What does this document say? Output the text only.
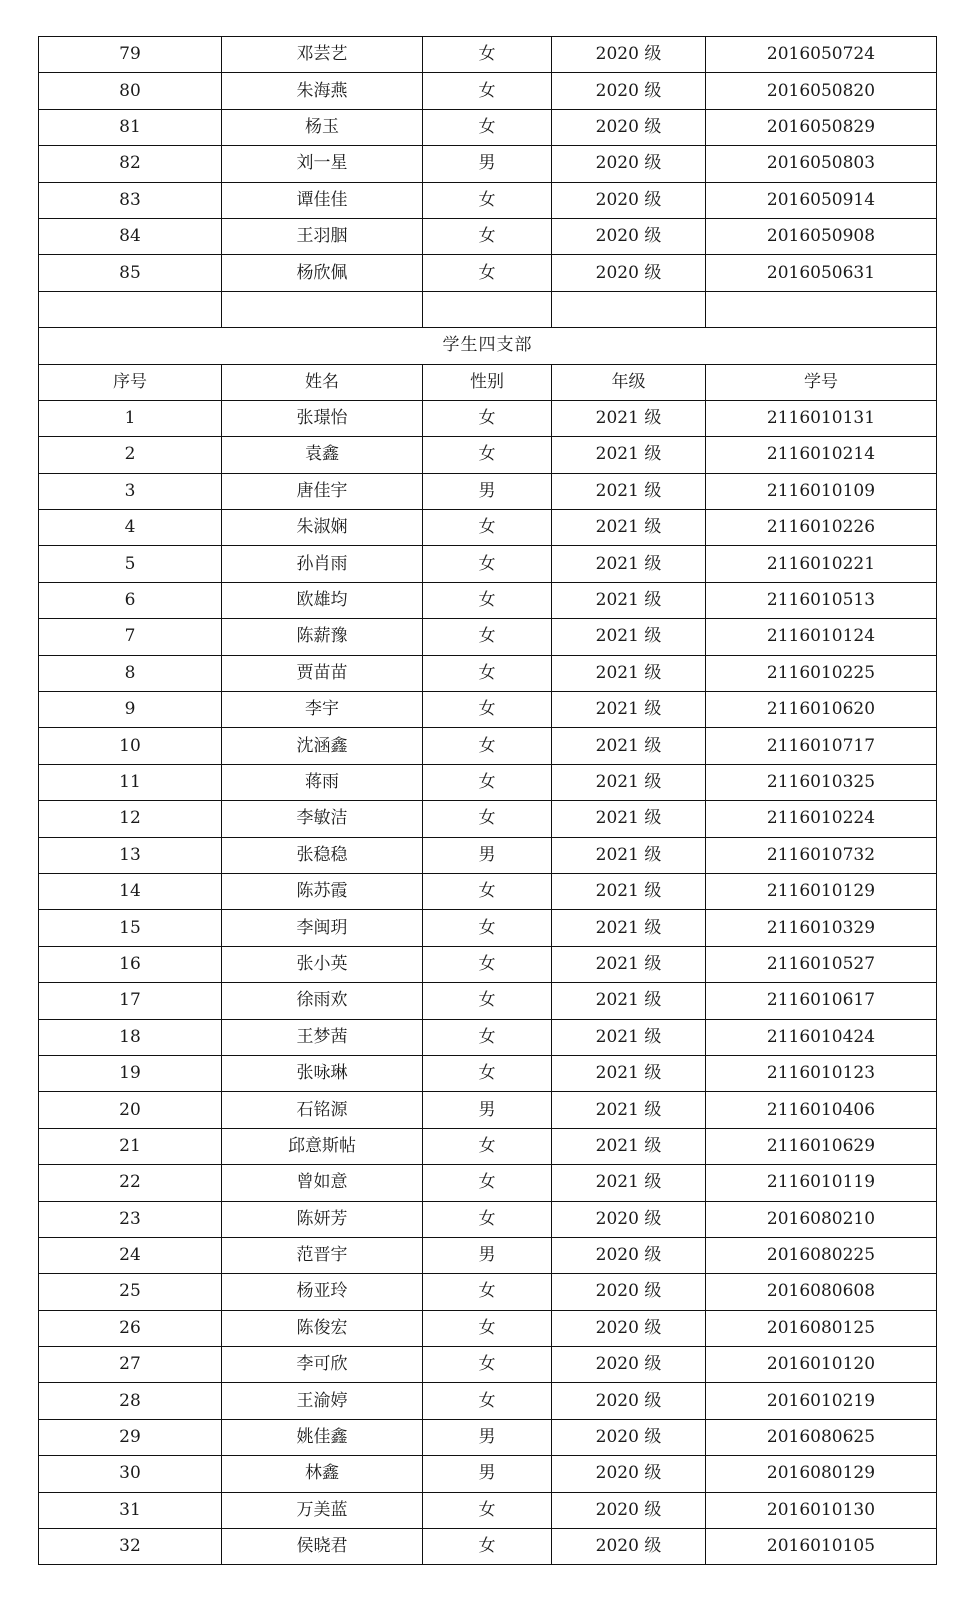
79	邓芸艺	女	2020 级	2016050724
80	朱海燕	女	2020 级	2016050820
81	杨玉	女	2020 级	2016050829
82	刘一星	男	2020 级	2016050803
83	谭佳佳	女	2020 级	2016050914
84	王羽胭	女	2020 级	2016050908
85	杨欣佩	女	2020 级	2016050631

学生四支部				
序号	姓名	性别	年级	学号
1	张璟怡	女	2021 级	2116010131
2	袁鑫	女	2021 级	2116010214
3	唐佳宇	男	2021 级	2116010109
4	朱淑娴	女	2021 级	2116010226
5	孙肖雨	女	2021 级	2116010221
6	欧雄均	女	2021 级	2116010513
7	陈薪豫	女	2021 级	2116010124
8	贾苗苗	女	2021 级	2116010225
9	李宇	女	2021 级	2116010620
10	沈涵鑫	女	2021 级	2116010717
11	蒋雨	女	2021 级	2116010325
12	李敏洁	女	2021 级	2116010224
13	张稳稳	男	2021 级	2116010732
14	陈苏霞	女	2021 级	2116010129
15	李闽玥	女	2021 级	2116010329
16	张小英	女	2021 级	2116010527
17	徐雨欢	女	2021 级	2116010617
18	王梦茜	女	2021 级	2116010424
19	张咏琳	女	2021 级	2116010123
20	石铭源	男	2021 级	2116010406
21	邱意斯帖	女	2021 级	2116010629
22	曾如意	女	2021 级	2116010119
23	陈妍芳	女	2020 级	2016080210
24	范晋宇	男	2020 级	2016080225
25	杨亚玲	女	2020 级	2016080608
26	陈俊宏	女	2020 级	2016080125
27	李可欣	女	2020 级	2016010120
28	王渝婷	女	2020 级	2016010219
29	姚佳鑫	男	2020 级	2016080625
30	林鑫	男	2020 级	2016080129
31	万美蓝	女	2020 级	2016010130
32	侯晓君	女	2020 级	2016010105
